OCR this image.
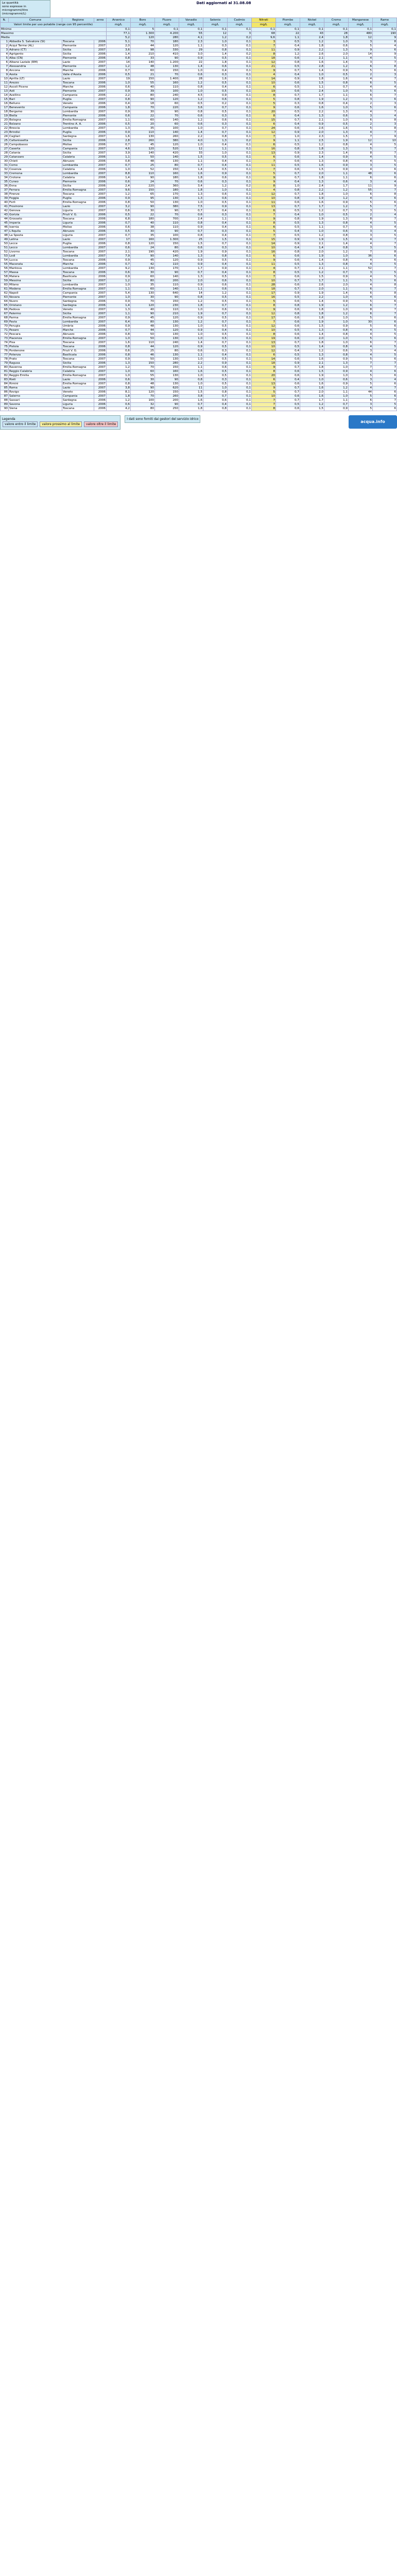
Le quantità
sono espresse in
microgrammi/litro
(microgrammi/L)
Dati aggiornati al 31.08.08
N.	Comune	Regione	anno	Arsenico	Boro	Fluoro	Vanadio	Selenio	Cadmio	Nitrati	Piombo	Nickel	Cromo	Manganese	Rame
Valori limite per uso potabile (range con 95 percentile)				mg/L	mg/L	mg/L	mg/L	mg/L	mg/L	mg/L	mg/L	mg/L	mg/L	mg/L	mg/L
Minimo				0,1	5	0,1	0,1	0,1	0,1	0,1	0,1	0,1	0,1	0,1	0,1
Massimo				77,1	1.300	4.200	55	12	3	68	22	43	28	480	190
Media				5,2	120	280	4,1	1,2	0,2	9,6	1,1	2,4	1,8	12	9
1	Abbadia S. Salvatore (SI)	Toscana	2006	5,1	70	180	2,3	1,0	0,1	3	0,5	1,2	1,0	3	8
2	Acqui Terme (AL)	Piemonte	2007	2,0	44	120	1,1	0,3	0,1	7	0,4	1,8	0,6	5	4
3	Adrano (CT)	Sicilia	2007	3,6	98	330	29	0,8	0,1	11	0,9	2,2	1,3	9	6
4	Agrigento	Sicilia	2006	1,4	210	410	3,0	1,4	0,2	8	1,2	2,6	2,0	14	9
5	Alba (CN)	Piemonte	2006	0,8	33	90	0,9	0,5	0,1	18	0,6	2,1	1,1	4	5
6	Albano Laziale (RM)	Lazio	2007	14	140	1.200	22	1,8	0,1	12	0,8	1,6	1,4	3	7
7	Alessandria	Piemonte	2007	1,2	48	130	1,4	0,6	0,1	21	0,5	2,8	1,2	6	8
8	Ancona	Marche	2006	0,7	60	150	1,0	0,4	0,1	9	0,7	1,4	0,9	5	6
9	Aosta	Valle d'Aosta	2006	0,5	21	70	0,6	0,3	0,1	4	0,4	1,0	0,5	2	3
10	Aprilia (LT)	Lazio	2007	19	150	1.400	28	1,6	0,1	14	0,9	1,8	1,6	4	7
11	Arezzo	Toscana	2006	1,0	55	160	1,2	0,5	0,1	10	0,6	1,5	0,8	6	5
12	Ascoli Piceno	Marche	2006	0,6	40	110	0,8	0,4	0,1	6	0,5	1,1	0,7	4	4
13	Asti	Piemonte	2007	0,9	39	100	1,0	0,5	0,1	19	0,6	2,4	1,0	5	6
14	Avellino	Campania	2006	2,2	80	240	4,5	0,9	0,1	8	0,7	1,7	1,1	6	7
15	Bari	Puglia	2007	0,8	90	120	1,2	0,6	0,1	5	0,8	1,9	1,2	3	6
16	Belluno	Veneto	2006	0,4	18	60	0,5	0,2	0,1	5	0,3	0,8	0,4	2	3
17	Benevento	Campania	2006	1,8	70	220	3,6	0,7	0,1	9	0,6	1,6	1,0	5	6
18	Bergamo	Lombardia	2007	0,9	30	90	0,8	0,5	0,1	20	0,5	2,2	1,3	4	7
19	Biella	Piemonte	2006	0,6	22	70	0,6	0,3	0,1	8	0,4	1,3	0,6	3	4
20	Bologna	Emilia Romagna	2007	1,1	60	140	1,2	0,6	0,1	15	0,7	2,1	1,0	6	8
21	Bolzano	Trentino A. A.	2006	0,5	20	60	0,6	0,3	0,1	6	0,4	0,9	0,5	2	3
22	Brescia	Lombardia	2007	1,3	35	100	1,0	0,7	0,1	24	0,6	2,6	1,6	5	8
23	Brindisi	Puglia	2006	0,9	110	140	1,4	0,7	0,1	12	0,9	2,0	1,3	4	7
24	Cagliari	Sardegna	2007	1,6	130	260	2,2	0,8	0,1	7	1,0	2,3	1,5	7	9
25	Caltanissetta	Sicilia	2006	2,8	260	380	4,0	1,3	0,2	9	1,1	2,5	1,9	12	10
26	Campobasso	Molise	2006	0,7	45	120	1,0	0,4	0,1	6	0,5	1,2	0,8	4	5
27	Caserta	Campania	2007	4,6	120	520	12	1,1	0,1	16	0,8	1,8	1,3	5	7
28	Catania	Sicilia	2007	3,9	140	420	33	1,0	0,1	13	0,9	2,3	1,4	8	7
29	Catanzaro	Calabria	2006	1,1	50	140	1,5	0,5	0,1	6	0,6	1,4	0,9	4	5
30	Chieti	Abruzzo	2006	0,8	48	130	1,1	0,4	0,1	7	0,6	1,3	0,8	4	5
31	Como	Lombardia	2007	0,7	25	80	0,7	0,4	0,1	11	0,5	1,6	0,9	3	5
32	Cosenza	Calabria	2006	1,0	52	150	1,4	0,5	0,1	7	0,6	1,5	0,9	4	6
33	Cremona	Lombardia	2007	8,8	110	160	1,6	0,9	0,1	5	0,7	2,0	1,1	48	6
34	Crotone	Calabria	2006	1,4	90	180	1,8	0,6	0,1	9	0,7	1,8	1,1	6	6
35	Cuneo	Piemonte	2006	0,6	24	70	0,6	0,3	0,1	9	0,4	1,3	0,6	3	4
36	Enna	Sicilia	2006	2,4	220	360	3,4	1,2	0,2	8	1,0	2,4	1,7	11	9
37	Ferrara	Emilia Romagna	2007	9,6	150	180	1,8	1,0	0,1	4	0,8	2,2	1,2	55	7
38	Firenze	Toscana	2007	1,2	65	170	1,3	0,6	0,1	12	0,7	1,8	1,0	6	8
39	Foggia	Puglia	2006	0,9	95	130	1,3	0,6	0,1	10	0,8	1,9	1,2	4	6
40	Forlì	Emilia Romagna	2006	0,8	50	130	1,0	0,5	0,1	11	0,6	1,6	0,9	5	6
41	Frosinone	Lazio	2007	3,2	90	380	7,5	0,9	0,1	13	0,7	1,7	1,2	5	7
42	Genova	Liguria	2007	0,6	30	90	0,7	0,4	0,1	6	0,5	1,2	0,7	3	5
43	Gorizia	Friuli V. G.	2006	0,5	22	70	0,6	0,3	0,1	7	0,4	1,0	0,5	2	4
44	Grosseto	Toscana	2006	6,8	180	700	2,4	1,1	0,1	9	0,8	1,9	1,3	8	7
45	Imperia	Liguria	2006	0,7	40	110	0,8	0,4	0,1	8	0,5	1,3	0,8	4	5
46	Isernia	Molise	2006	0,6	38	110	0,9	0,4	0,1	6	0,5	1,1	0,7	3	4
47	L'Aquila	Abruzzo	2006	0,5	30	90	0,7	0,3	0,1	5	0,4	1,0	0,6	3	4
48	La Spezia	Liguria	2007	0,7	35	100	0,8	0,4	0,1	7	0,5	1,2	0,8	3	5
49	Latina	Lazio	2007	17	160	1.300	25	1,5	0,1	15	0,9	1,9	1,5	4	7
50	Lecce	Puglia	2006	0,8	120	150	1,5	0,7	0,1	14	0,9	2,1	1,4	4	7
51	Lecco	Lombardia	2007	0,6	24	80	0,6	0,3	0,1	10	0,4	1,4	0,8	3	5
52	Livorno	Toscana	2007	2,1	190	420	1,9	0,9	0,1	16	0,8	2,0	1,2	7	8
53	Lodi	Lombardia	2007	7,9	90	140	1,3	0,8	0,1	6	0,6	1,9	1,0	36	6
54	Lucca	Toscana	2006	0,9	45	120	0,9	0,5	0,1	9	0,6	1,4	0,8	4	6
55	Macerata	Marche	2006	0,7	42	110	0,9	0,4	0,1	11	0,5	1,3	0,8	4	5
56	Mantova	Lombardia	2007	9,2	130	170	1,7	0,9	0,1	4	0,7	2,1	1,1	52	7
57	Massa	Toscana	2006	0,6	30	90	0,7	0,4	0,1	8	0,5	1,2	0,7	3	5
58	Matera	Basilicata	2006	0,9	60	140	1,3	0,5	0,1	7	0,6	1,5	0,9	4	5
59	Messina	Sicilia	2007	1,2	80	200	2,0	0,6	0,1	10	0,7	1,7	1,1	5	6
60	Milano	Lombardia	2007	1,0	35	110	0,9	0,6	0,1	28	0,6	2,6	2,0	4	8
61	Modena	Emilia Romagna	2007	1,1	60	140	1,1	0,6	0,1	18	0,7	2,0	1,1	6	7
62	Napoli	Campania	2007	5,4	130	640	14	1,2	0,1	17	0,9	1,9	1,4	6	8
63	Novara	Piemonte	2007	1,0	30	90	0,8	0,5	0,1	16	0,5	2,2	1,0	4	6
64	Nuoro	Sardegna	2006	0,9	70	150	1,2	0,5	0,1	5	0,6	1,4	0,9	5	6
65	Oristano	Sardegna	2006	1,4	120	230	1,8	0,7	0,1	8	0,8	1,9	1,2	6	7
66	Padova	Veneto	2007	1,3	40	110	1,0	0,6	0,1	9	0,6	1,8	1,0	8	7
67	Palermo	Sicilia	2007	1,1	90	210	1,9	0,7	0,1	12	0,8	1,8	1,2	6	7
68	Parma	Emilia Romagna	2007	0,9	45	120	0,9	0,5	0,1	17	0,6	1,8	1,0	5	6
69	Pavia	Lombardia	2007	6,4	80	130	1,2	0,7	0,1	7	0,6	1,9	1,0	30	6
70	Perugia	Umbria	2006	0,9	48	130	1,0	0,5	0,1	12	0,6	1,5	0,9	5	6
71	Pesaro	Marche	2006	0,7	44	120	0,9	0,4	0,1	10	0,5	1,3	0,8	4	5
72	Pescara	Abruzzo	2006	0,8	50	130	1,0	0,5	0,1	8	0,6	1,4	0,8	4	5
73	Piacenza	Emilia Romagna	2007	1,0	50	130	1,0	0,5	0,1	19	0,6	2,0	1,0	5	6
74	Pisa	Toscana	2007	1,6	110	240	1,4	0,7	0,1	13	0,7	1,8	1,0	6	7
75	Pistoia	Toscana	2006	0,8	44	120	0,9	0,5	0,1	10	0,5	1,4	0,8	4	5
76	Pordenone	Friuli V. G.	2006	0,6	25	80	0,6	0,3	0,1	12	0,4	1,2	0,6	3	4
77	Potenza	Basilicata	2006	0,8	46	130	1,1	0,4	0,1	6	0,5	1,3	0,8	4	5
78	Prato	Toscana	2007	0,9	50	130	1,0	0,5	0,1	14	0,6	1,6	0,9	5	6
79	Ragusa	Sicilia	2006	1,3	150	280	2,2	0,9	0,1	18	0,9	2,1	1,3	7	7
80	Ravenna	Emilia Romagna	2007	1,2	70	150	1,1	0,6	0,1	9	0,7	1,8	1,0	7	7
81	Reggio Calabria	Calabria	2007	1,0	60	160	1,6	0,5	0,1	8	0,6	1,5	0,9	4	6
82	Reggio Emilia	Emilia Romagna	2007	1,0	55	130	1,0	0,5	0,1	20	0,6	1,9	1,0	5	6
83	Rieti	Lazio	2006	0,6	30	90	0,8	0,3	0,1	6	0,4	1,0	0,6	3	4
84	Rimini	Emilia Romagna	2007	0,8	48	130	1,0	0,5	0,1	13	0,6	1,6	0,9	5	6
85	Roma	Lazio	2007	3,8	90	620	11	1,0	0,1	9	0,7	1,6	1,2	4	7
86	Rovigo	Veneto	2006	8,1	120	150	1,5	0,8	0,1	5	0,7	2,0	1,1	44	6
87	Salerno	Campania	2007	1,8	70	260	3,8	0,7	0,1	10	0,6	1,6	1,0	5	6
88	Sassari	Sardegna	2006	1,2	100	200	1,6	0,6	0,1	7	0,7	1,7	1,1	6	7
89	Savona	Liguria	2006	0,6	32	90	0,7	0,4	0,1	7	0,5	1,2	0,7	3	5
90	Siena	Toscana	2006	4,2	80	250	1,8	0,8	0,1	8	0,6	1,5	0,9	5	6
Legenda
valore entro il limite valore prossimo al limite valore oltre il limite
I dati sono forniti dai gestori del servizio idrico
acqua.info
